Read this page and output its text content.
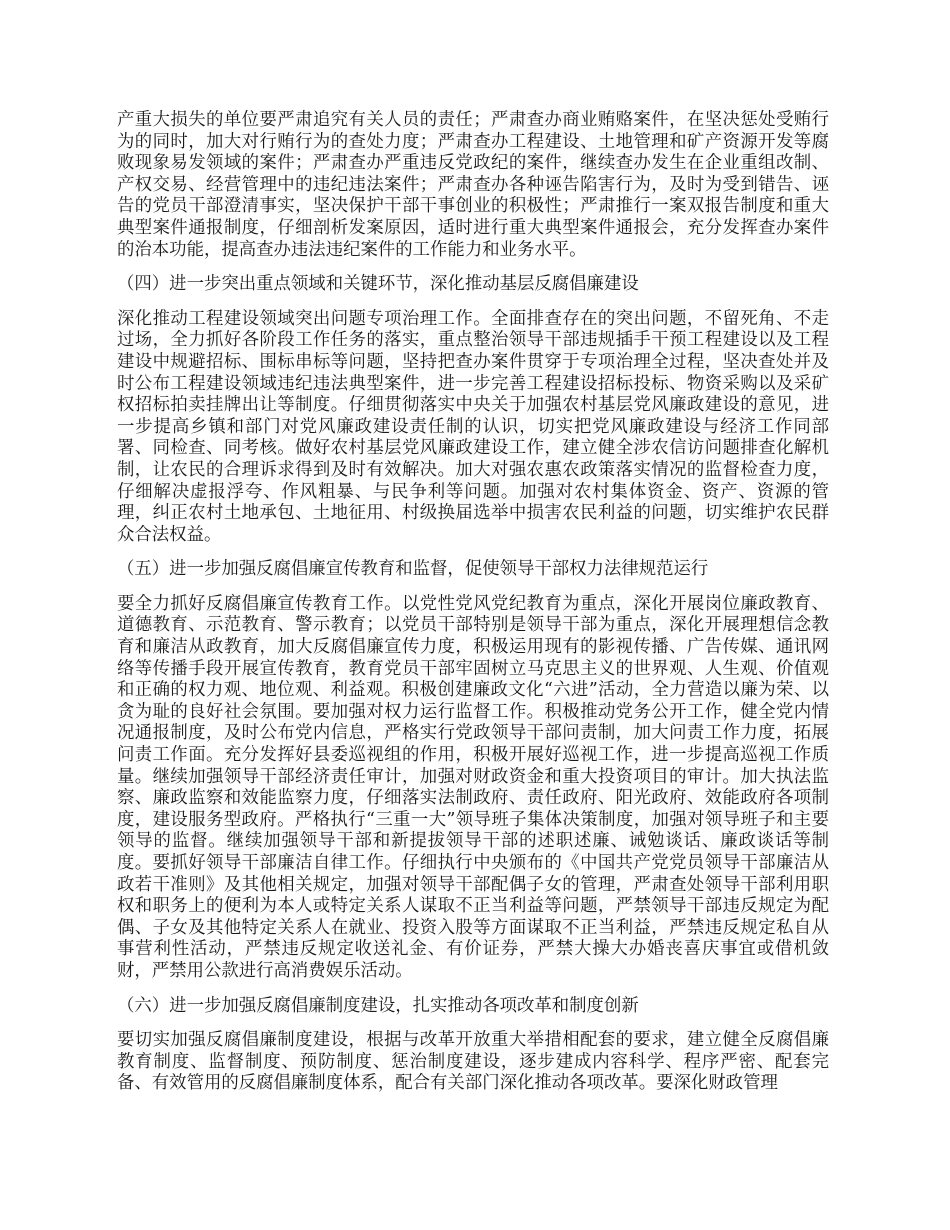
产重大损失的单位要严肃追究有关人员的责任；严肃查办商业贿赂案件，在坚决惩处受贿行为的同时，加大对行贿行为的查处力度；严肃查办工程建设、土地管理和矿产资源开发等腐败现象易发领域的案件；严肃查办严重违反党政纪的案件，继续查办发生在企业重组改制、产权交易、经营管理中的违纪违法案件；严肃查办各种诬告陷害行为，及时为受到错告、诬告的党员干部澄清事实，坚决保护干部干事创业的积极性；严肃推行一案双报告制度和重大典型案件通报制度，仔细剖析发案原因，适时进行重大典型案件通报会，充分发挥查办案件的治本功能，提高查办违法违纪案件的工作能力和业务水平。

（四）进一步突出重点领域和关键环节，深化推动基层反腐倡廉建设

深化推动工程建设领域突出问题专项治理工作。全面排查存在的突出问题，不留死角、不走过场，全力抓好各阶段工作任务的落实，重点整治领导干部违规插手干预工程建设以及工程建设中规避招标、围标串标等问题，坚持把查办案件贯穿于专项治理全过程，坚决查处并及时公布工程建设领域违纪违法典型案件，进一步完善工程建设招标投标、物资采购以及采矿权招标拍卖挂牌出让等制度。仔细贯彻落实中央关于加强农村基层党风廉政建设的意见，进一步提高乡镇和部门对党风廉政建设责任制的认识，切实把党风廉政建设与经济工作同部署、同检查、同考核。做好农村基层党风廉政建设工作，建立健全涉农信访问题排查化解机制，让农民的合理诉求得到及时有效解决。加大对强农惠农政策落实情况的监督检查力度，仔细解决虚报浮夸、作风粗暴、与民争利等问题。加强对农村集体资金、资产、资源的管理，纠正农村土地承包、土地征用、村级换届选举中损害农民利益的问题，切实维护农民群众合法权益。

（五）进一步加强反腐倡廉宣传教育和监督，促使领导干部权力法律规范运行

要全力抓好反腐倡廉宣传教育工作。以党性党风党纪教育为重点，深化开展岗位廉政教育、道德教育、示范教育、警示教育；以党员干部特别是领导干部为重点，深化开展理想信念教育和廉洁从政教育，加大反腐倡廉宣传力度，积极运用现有的影视传播、广告传媒、通讯网络等传播手段开展宣传教育，教育党员干部牢固树立马克思主义的世界观、人生观、价值观和正确的权力观、地位观、利益观。积极创建廉政文化“六进”活动，全力营造以廉为荣、以贪为耻的良好社会氛围。要加强对权力运行监督工作。积极推动党务公开工作，健全党内情况通报制度，及时公布党内信息，严格实行党政领导干部问责制，加大问责工作力度，拓展问责工作面。充分发挥好县委巡视组的作用，积极开展好巡视工作，进一步提高巡视工作质量。继续加强领导干部经济责任审计，加强对财政资金和重大投资项目的审计。加大执法监察、廉政监察和效能监察力度，仔细落实法制政府、责任政府、阳光政府、效能政府各项制度，建设服务型政府。严格执行“三重一大”领导班子集体决策制度，加强对领导班子和主要领导的监督。继续加强领导干部和新提拔领导干部的述职述廉、诫勉谈话、廉政谈话等制度。要抓好领导干部廉洁自律工作。仔细执行中央颁布的《中国共产党党员领导干部廉洁从政若干准则》及其他相关规定，加强对领导干部配偶子女的管理，严肃查处领导干部利用职权和职务上的便利为本人或特定关系人谋取不正当利益等问题，严禁领导干部违反规定为配偶、子女及其他特定关系人在就业、投资入股等方面谋取不正当利益，严禁违反规定私自从事营利性活动，严禁违反规定收送礼金、有价证券，严禁大操大办婚丧喜庆事宜或借机敛财，严禁用公款进行高消费娱乐活动。

（六）进一步加强反腐倡廉制度建设，扎实推动各项改革和制度创新

要切实加强反腐倡廉制度建设，根据与改革开放重大举措相配套的要求，建立健全反腐倡廉教育制度、监督制度、预防制度、惩治制度建设，逐步建成内容科学、程序严密、配套完备、有效管用的反腐倡廉制度体系，配合有关部门深化推动各项改革。要深化财政管理
